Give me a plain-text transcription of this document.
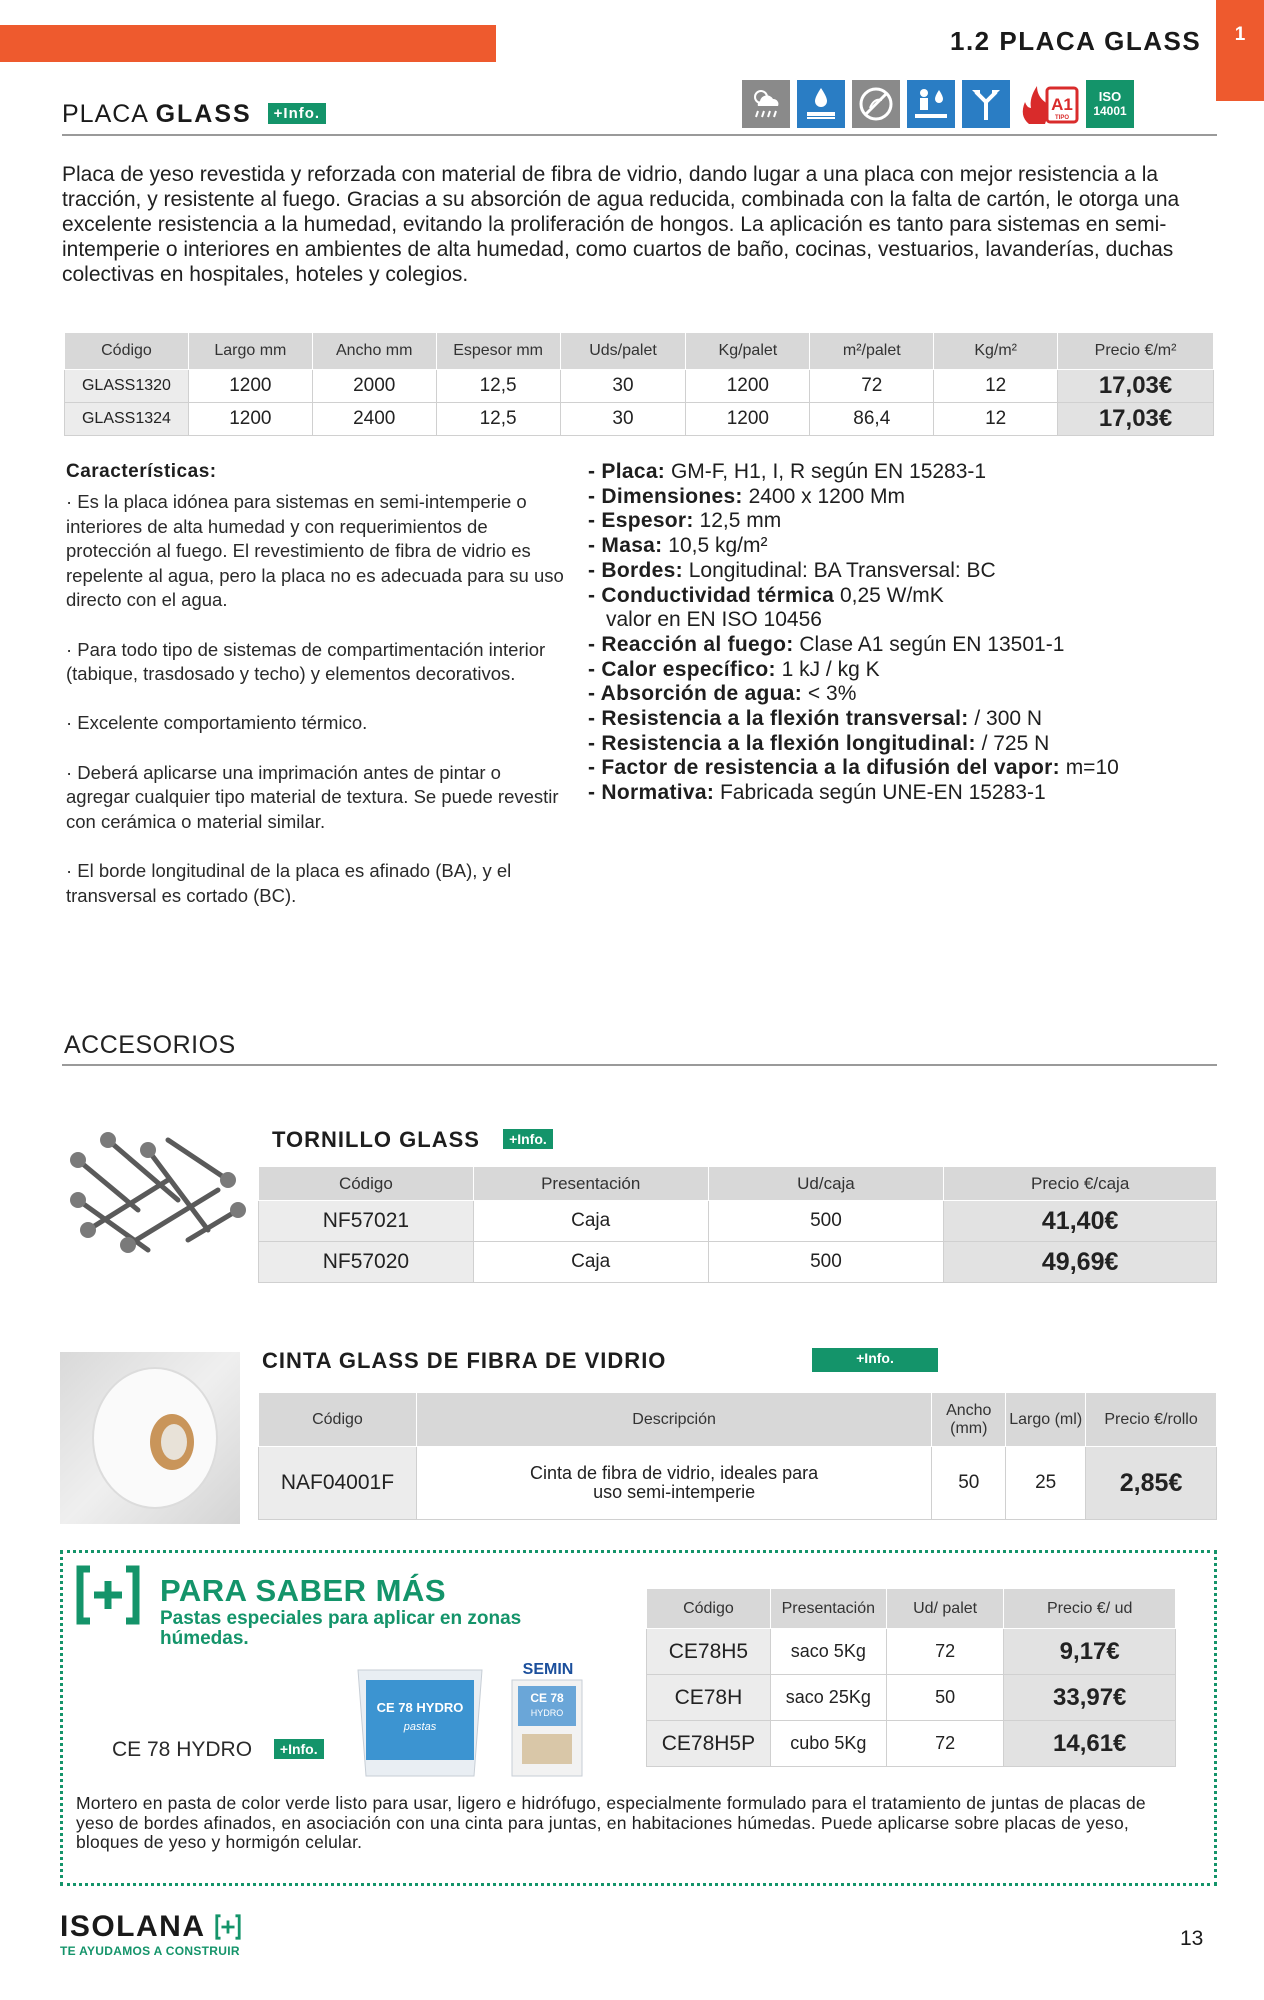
1
1.2 PLACA GLASS
PLACA GLASS +Info.	A1
TIPO
ISO
14001
Placa de yeso revestida y reforzada con material de fibra de vidrio, dando lugar a una placa con mejor resistencia a la tracción, y resistente al fuego. Gracias a su absorción de agua reducida, combinada con la falta de cartón, le otorga una excelente resistencia a la humedad, evitando la proliferación de hongos. La aplicación es tanto para sistemas en semi-intemperie o interiores en ambientes de alta humedad, como cuartos de baño, cocinas, vestuarios, lavanderías, duchas colectivas en hospitales, hoteles y colegios.
Código	Largo mm	Ancho mm	Espesor mm	Uds/palet	Kg/palet	m²/palet	Kg/m²	Precio €/m²
GLASS1320	1200	2000	12,5	30	1200	72	12	17,03€
GLASS1324	1200	2400	12,5	30	1200	86,4	12	17,03€
Características:

· Es la placa idónea para sistemas en semi-intemperie o interiores de alta humedad y con requerimientos de protección al fuego. El revestimiento de fibra de vidrio es repelente al agua, pero la placa no es adecuada para su uso directo con el agua.

· Para todo tipo de sistemas de compartimentación interior (tabique, trasdosado y techo) y elementos decorativos.

· Excelente comportamiento térmico.

· Deberá aplicarse una imprimación antes de pintar o agregar cualquier tipo material de textura. Se puede revestir con cerámica o material similar.

· El borde longitudinal de la placa es afinado (BA), y el transversal es cortado (BC).

- Placa: GM-F, H1, I, R según EN 15283-1
- Dimensiones: 2400 x 1200 Mm
- Espesor: 12,5 mm
- Masa: 10,5 kg/m²
- Bordes: Longitudinal: BA Transversal: BC
- Conductividad térmica 0,25 W/mK
valor en EN ISO 10456
- Reacción al fuego: Clase A1 según EN 13501-1
- Calor específico: 1 kJ / kg K
- Absorción de agua: < 3%
- Resistencia a la flexión transversal: / 300 N
- Resistencia a la flexión longitudinal: / 725 N
- Factor de resistencia a la difusión del vapor: m=10
- Normativa: Fabricada según UNE-EN 15283-1
ACCESORIOS
TORNILLO GLASS +Info.
Código	Presentación	Ud/caja	Precio €/caja
NF57021	Caja	500	41,40€
NF57020	Caja	500	49,69€
CINTA GLASS DE FIBRA DE VIDRIO	+Info.
Código	Descripción	Ancho (mm)	Largo (ml)	Precio €/rollo
NAF04001F	Cinta de fibra de vidrio, ideales para uso semi-intemperie	50	25	2,85€
PARA SABER MÁS
Pastas especiales para aplicar en zonas húmedas.
CE 78 HYDRO
pastas
SEMIN
CE 78
HYDRO
CE 78 HYDRO +Info.
Código	Presentación	Ud/ palet	Precio €/ ud
CE78H5	saco 5Kg	72	9,17€
CE78H	saco 25Kg	50	33,97€
CE78H5P	cubo 5Kg	72	14,61€
Mortero en pasta de color verde listo para usar, ligero e hidrófugo, especialmente formulado para el tratamiento de juntas de placas de yeso de bordes afinados, en asociación con una cinta para juntas, en habitaciones húmedas. Puede aplicarse sobre placas de yeso, bloques de yeso y hormigón celular.
ISOLANA
TE AYUDAMOS A CONSTRUIR
13
